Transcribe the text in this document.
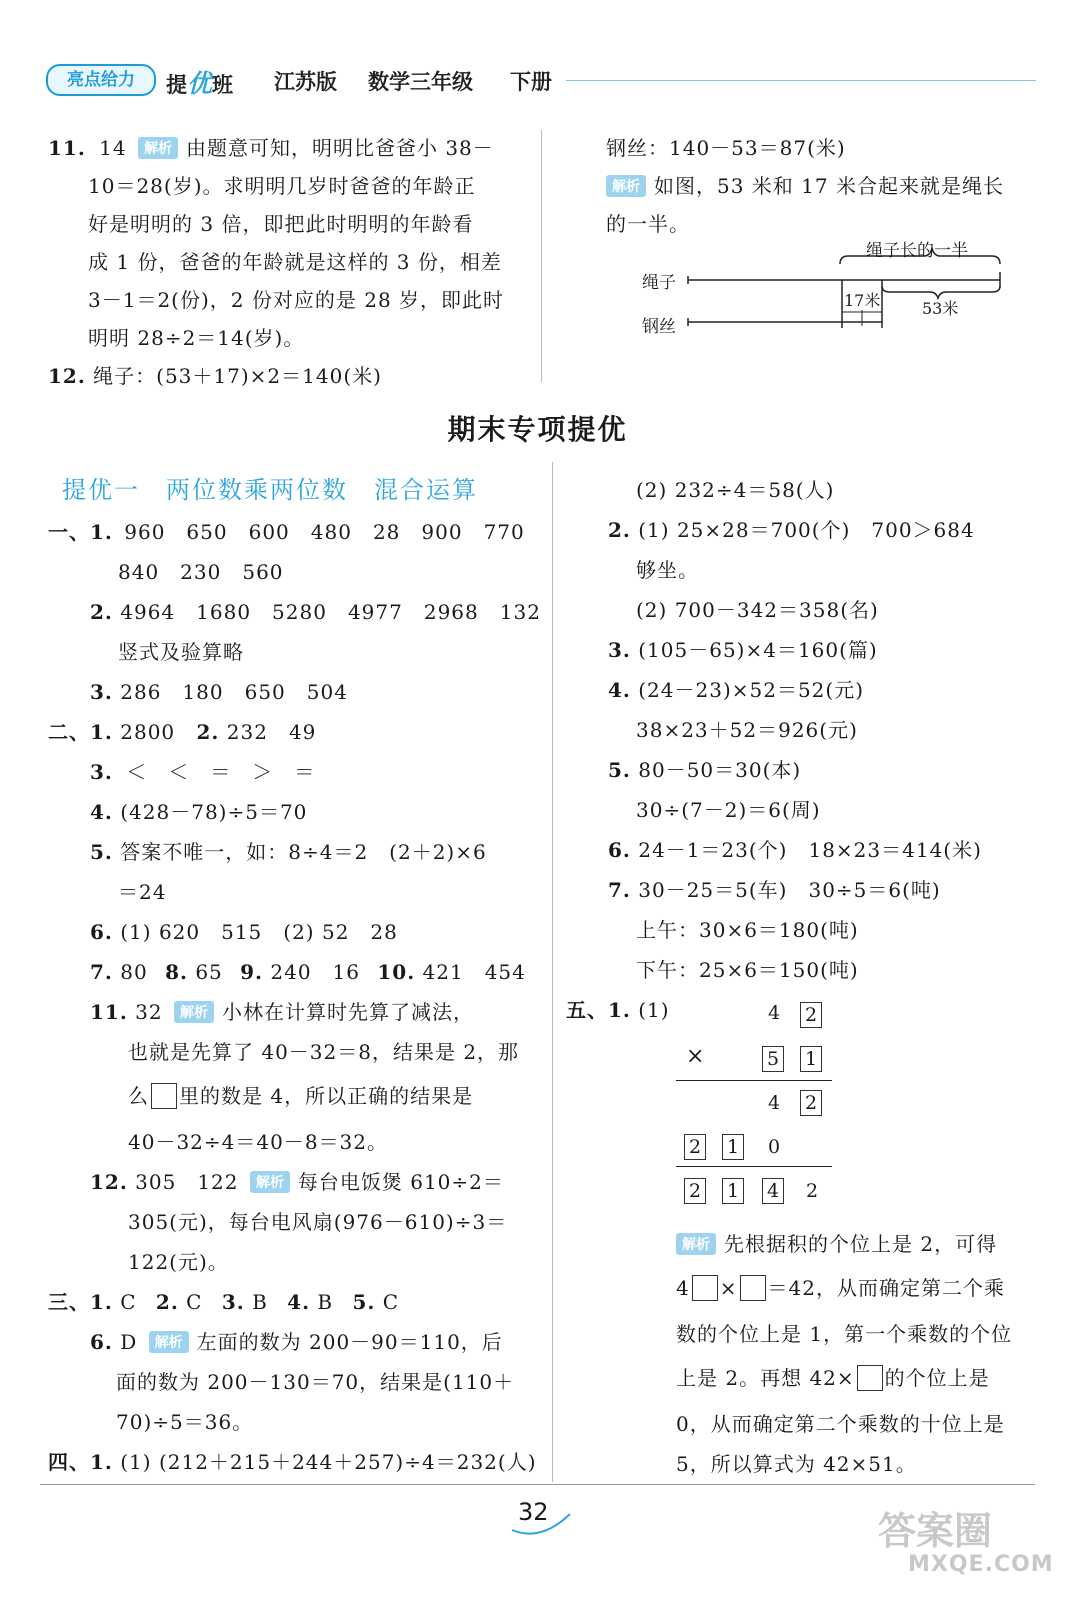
亮点给力	提优班 江苏版 数学三年级 下册
11. 14 解析 由题意可知，明明比爸爸小 38－
10＝28(岁)。求明明几岁时爸爸的年龄正
好是明明的 3 倍，即把此时明明的年龄看
成 1 份，爸爸的年龄就是这样的 3 份，相差
3－1＝2(份)，2 份对应的是 28 岁，即此时
明明 28÷2＝14(岁)。
12. 绳子：(53＋17)×2＝140(米)
钢丝：140－53＝87(米)
解析 如图，53 米和 17 米合起来就是绳长
的一半。
绳子长的一半
绳子
钢丝
17米	53米
期末专项提优
提优一　两位数乘两位数　混合运算
一、1. 960　650　600　480　28　900　770
840　230　560
2. 4964　1680　5280　4977　2968　132
竖式及验算略
3. 286　180　650　504
二、1. 2800 2. 232　49
3. ＜　＜　＝　＞　＝
4. (428－78)÷5＝70
5. 答案不唯一，如：8÷4＝2　(2＋2)×6
＝24
6. (1) 620　515　(2) 52　28
7. 80 8. 65 9. 240　16 10. 421　454
11. 32 解析 小林在计算时先算了减法，
也就是先算了 40－32＝8，结果是 2，那
么 里的数是 4，所以正确的结果是
40－32÷4＝40－8＝32。
12. 305　122 解析 每台电饭煲 610÷2＝
305(元)，每台电风扇(976－610)÷3＝
122(元)。
三、1. C 2. C 3. B 4. B 5. C
6. D 解析 左面的数为 200－90＝110，后
面的数为 200－130＝70，结果是(110＋
70)÷5＝36。
四、1. (1) (212＋215＋244＋257)÷4＝232(人)
(2) 232÷4＝58(人)
2. (1) 25×28＝700(个)　700＞684
够坐。
(2) 700－342＝358(名)
3. (105－65)×4＝160(篇)
4. (24－23)×52＝52(元)
38×23＋52＝926(元)
5. 80－50＝30(本)
30÷(7－2)＝6(周)
6. 24－1＝23(个)　18×23＝414(米)
7. 30－25＝5(车)　30÷5＝6(吨)
上午：30×6＝180(吨)
下午：25×6＝150(吨)
五、1. (1)	4 2
×	5 1
4 2
2 1 0
2 1 4 2
解析 先根据积的个位上是 2，可得
4 × ＝42，从而确定第二个乘
数的个位上是 1，第一个乘数的个位
上是 2。再想 42× 的个位上是
0，从而确定第二个乘数的十位上是
5，所以算式为 42×51。
32	答案圈
MXQE.COM
